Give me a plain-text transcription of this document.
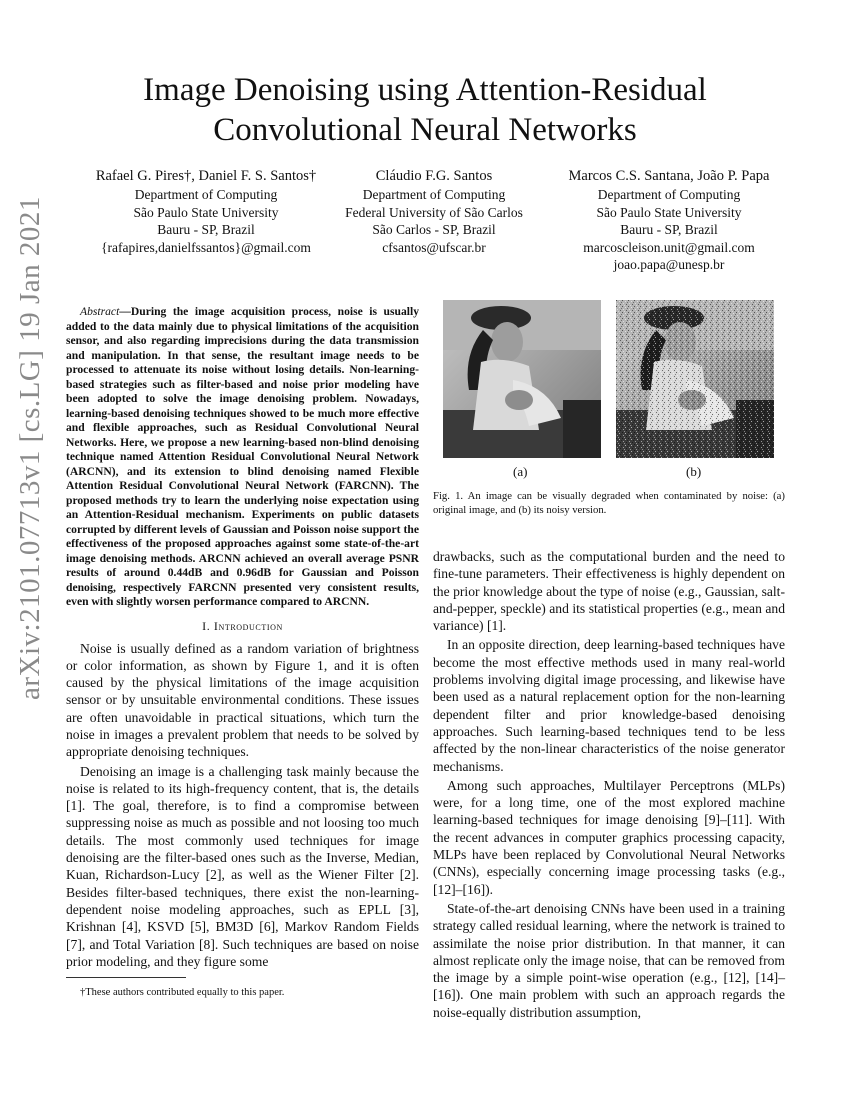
Image Denoising using Attention-Residual
Convolutional Neural Networks
Rafael G. Pires†, Daniel F. S. Santos†
Department of Computing
São Paulo State University
Bauru - SP, Brazil
{rafapires,danielfssantos}@gmail.com
Cláudio F.G. Santos
Department of Computing
Federal University of São Carlos
São Carlos - SP, Brazil
cfsantos@ufscar.br
Marcos C.S. Santana, João P. Papa
Department of Computing
São Paulo State University
Bauru - SP, Brazil
marcoscleison.unit@gmail.com
joao.papa@unesp.br
arXiv:2101.07713v1 [cs.LG] 19 Jan 2021	Abstract—During the image acquisition process, noise is usually added to the data mainly due to physical limitations of the acquisition sensor, and also regarding imprecisions during the data transmission and manipulation. In that sense, the resultant image needs to be processed to attenuate its noise without losing details. Non-learning-based strategies such as filter-based and noise prior modeling have been adopted to solve the image denoising problem. Nowadays, learning-based denoising techniques showed to be much more effective and flexible approaches, such as Residual Convolutional Neural Networks. Here, we propose a new learning-based non-blind denoising technique named Attention Residual Convolutional Neural Network (ARCNN), and its extension to blind denoising named Flexible Attention Residual Convolutional Neural Network (FARCNN). The proposed methods try to learn the underlying noise expectation using an Attention-Residual mechanism. Experiments on public datasets corrupted by different levels of Gaussian and Poisson noise support the effectiveness of the proposed approaches against some state-of-the-art image denoising methods. ARCNN achieved an overall average PSNR results of around 0.44dB and 0.96dB for Gaussian and Poisson denoising, respectively FARCNN presented very consistent results, even with slightly worsen performance compared to ARCNN.

I. Introduction

Noise is usually defined as a random variation of brightness or color information, as shown by Figure 1, and it is often caused by the physical limitations of the image acquisition sensor or by unsuitable environmental conditions. These issues are often unavoidable in practical situations, which turn the noise in images a prevalent problem that needs to be solved by appropriate denoising techniques.

Denoising an image is a challenging task mainly because the noise is related to its high-frequency content, that is, the details [1]. The goal, therefore, is to find a compromise between suppressing noise as much as possible and not loosing too much details. The most commonly used techniques for image denoising are the filter-based ones such as the Inverse, Median, Kuan, Richardson-Lucy [2], as well as the Wiener Filter [2]. Besides filter-based techniques, there exist the non-learning-dependent noise modeling approaches, such as EPLL [3], Krishnan [4], KSVD [5], BM3D [6], Markov Random Fields [7], and Total Variation [8]. Such techniques are based on noise prior modeling, and they figure some

†These authors contributed equally to this paper.
(a)	(b)

Fig. 1. An image can be visually degraded when contaminated by noise: (a) original image, and (b) its noisy version.

drawbacks, such as the computational burden and the need to fine-tune parameters. Their effectiveness is highly dependent on the prior knowledge about the type of noise (e.g., Gaussian, salt-and-pepper, speckle) and its statistical properties (e.g., mean and variance) [1].

In an opposite direction, deep learning-based techniques have become the most effective methods used in many real-world problems involving digital image processing, and likewise have been used as a natural replacement option for the non-learning dependent filter and prior knowledge-based denoising approaches. Such learning-based techniques tend to be less affected by the non-linear characteristics of the noise generator mechanisms.

Among such approaches, Multilayer Perceptrons (MLPs) were, for a long time, one of the most explored machine learning-based techniques for image denoising [9]–[11]. With the recent advances in computer graphics processing capacity, MLPs have been replaced by Convolutional Neural Networks (CNNs), especially concerning image processing tasks (e.g., [12]–[16]).

State-of-the-art denoising CNNs have been used in a training strategy called residual learning, where the network is trained to assimilate the noise prior distribution. In that manner, it can almost replicate only the image noise, that can be removed from the image by a simple point-wise operation (e.g., [12], [14]–[16]). One main problem with such an approach regards the noise-equally distribution assumption,
